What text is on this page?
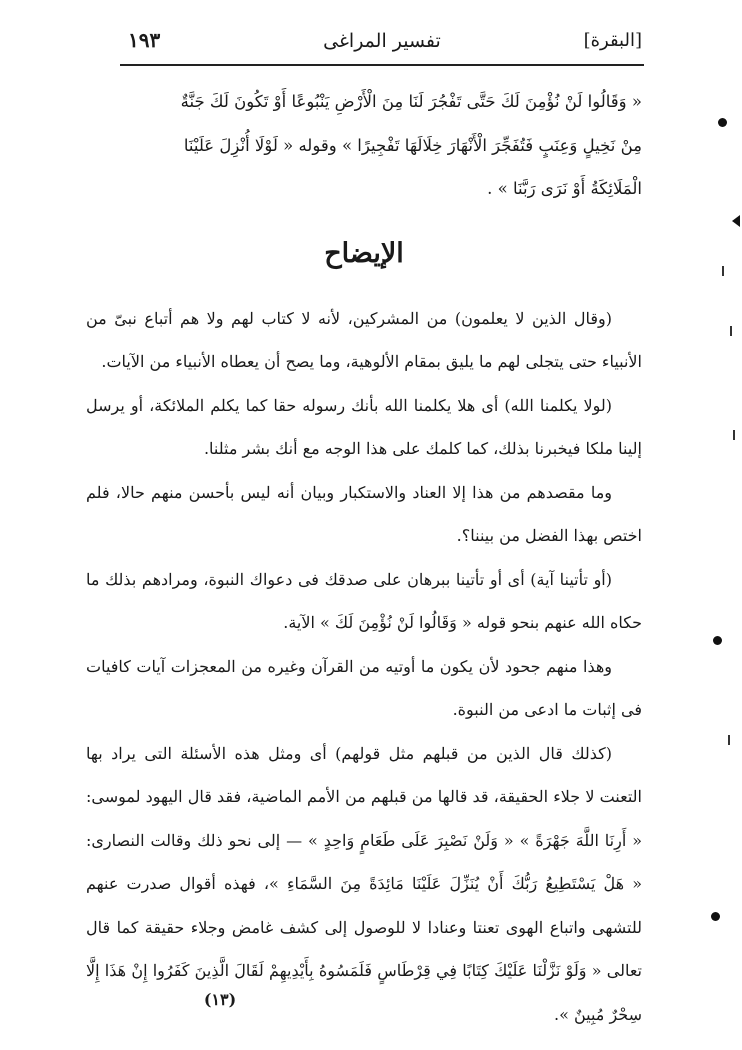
[البقرة]
تفسير المراغى
١٩٣

« وَقَالُوا لَنْ نُؤْمِنَ لَكَ حَتَّى تَفْجُرَ لَنَا مِنَ الْأَرْضِ يَنْبُوعًا أَوْ تَكُونَ لَكَ جَنَّةٌ

مِنْ نَخِيلٍ وَعِنَبٍ فَتُفَجِّرَ الْأَنْهَارَ خِلَالَهَا تَفْجِيرًا » وقوله « لَوْلَا أُنْزِلَ عَلَيْنَا

الْمَلَائِكَةُ أَوْ نَرَى رَبَّنَا » .

الإيضاح

(وقال الذين لا يعلمون) من المشركين، لأنه لا كتاب لهم ولا هم أتباع نبىّ من الأنبياء حتى يتجلى لهم ما يليق بمقام الألوهية، وما يصح أن يعطاه الأنبياء من الآيات.

(لولا يكلمنا الله) أى هلا يكلمنا الله بأنك رسوله حقا كما يكلم الملائكة، أو يرسل إلينا ملكا فيخبرنا بذلك، كما كلمك على هذا الوجه مع أنك بشر مثلنا.

وما مقصدهم من هذا إلا العناد والاستكبار وبيان أنه ليس بأحسن منهم حالا، فلم اختص بهذا الفضل من بيننا؟.

(أو تأتينا آية) أى أو تأتينا ببرهان على صدقك فى دعواك النبوة، ومرادهم بذلك ما حكاه الله عنهم بنحو قوله « وَقَالُوا لَنْ نُؤْمِنَ لَكَ » الآية.

وهذا منهم جحود لأن يكون ما أوتيه من القرآن وغيره من المعجزات آيات كافيات فى إثبات ما ادعى من النبوة.

(كذلك قال الذين من قبلهم مثل قولهم) أى ومثل هذه الأسئلة التى يراد بها التعنت لا جلاء الحقيقة، قد قالها من قبلهم من الأمم الماضية، فقد قال اليهود لموسى: « أَرِنَا اللَّهَ جَهْرَةً » « وَلَنْ نَصْبِرَ عَلَى طَعَامٍ وَاحِدٍ » — إلى نحو ذلك وقالت النصارى: « هَلْ يَسْتَطِيعُ رَبُّكَ أَنْ يُنَزِّلَ عَلَيْنَا مَائِدَةً مِنَ السَّمَاءِ »، فهذه أقوال صدرت عنهم للتشهى واتباع الهوى تعنتا وعنادا لا للوصول إلى كشف غامض وجلاء حقيقة كما قال تعالى « وَلَوْ نَزَّلْنَا عَلَيْكَ كِتَابًا فِي قِرْطَاسٍ فَلَمَسُوهُ بِأَيْدِيهِمْ لَقَالَ الَّذِينَ كَفَرُوا إِنْ هَذَا إِلَّا سِحْرٌ مُبِينٌ ».

(١٣)
